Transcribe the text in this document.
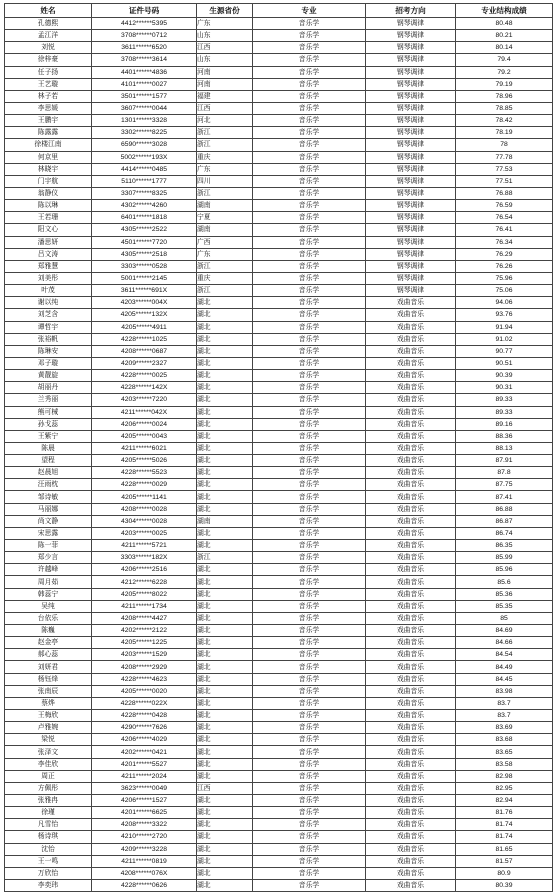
姓名	证件号码	生源省份	专业	招考方向	专业结构成绩
孔德熙	4412******5395	广东	音乐学	钢琴调律	80.48
孟江洋	3708******0712	山东	音乐学	钢琴调律	80.21
刘悦	3611******6520	江西	音乐学	钢琴调律	80.14
徐梓豪	3708******3614	山东	音乐学	钢琴调律	79.4
任子扬	4401******4836	河南	音乐学	钢琴调律	79.2
王艺璇	4101******0027	河南	音乐学	钢琴调律	79.19
林子若	3501******1577	福建	音乐学	钢琴调律	78.96
李思媛	3607******0044	江西	音乐学	钢琴调律	78.85
王鹏宇	1301******3328	河北	音乐学	钢琴调律	78.42
陈露露	3302******8225	浙江	音乐学	钢琴调律	78.19
徐楼江南	6590******3028	浙江	音乐学	钢琴调律	78
何京里	5002******193X	重庆	音乐学	钢琴调律	77.78
林晓宇	4414******0485	广东	音乐学	钢琴调律	77.53
门宇航	5110******1777	四川	音乐学	钢琴调律	77.51
翁静仪	3307******8325	浙江	音乐学	钢琴调律	76.88
陈以琳	4302******4260	湖南	音乐学	钢琴调律	76.59
王若珊	6401******1818	宁夏	音乐学	钢琴调律	76.54
阳文心	4305******2522	湖南	音乐学	钢琴调律	76.41
潘思妍	4501******7720	广西	音乐学	钢琴调律	76.34
吕文涛	4305******2518	广东	音乐学	钢琴调律	76.29
郑雅慧	3303******0528	浙江	音乐学	钢琴调律	76.26
刘美彤	5001******2145	重庆	音乐学	钢琴调律	75.96
叶茂	3611******691X	浙江	音乐学	钢琴调律	75.06
谢以纯	4203******004X	湖北	音乐学	戏曲音乐	94.06
刘芝含	4205******132X	湖北	音乐学	戏曲音乐	93.76
谭哲宇	4205******4911	湖北	音乐学	戏曲音乐	91.94
张裕帆	4228******1025	湖北	音乐学	戏曲音乐	91.02
陈琳安	4208******0687	湖北	音乐学	戏曲音乐	90.77
邓子璇	4209******2327	湖北	音乐学	戏曲音乐	90.51
黄靓旋	4228******0025	湖北	音乐学	戏曲音乐	90.39
胡丽丹	4228******142X	湖北	音乐学	戏曲音乐	90.31
兰秀丽	4203******7220	湖北	音乐学	戏曲音乐	89.33
熊可械	4211******042X	湖北	音乐学	戏曲音乐	89.33
孙戈蕊	4206******0024	湖北	音乐学	戏曲音乐	89.16
王紫宁	4205******0043	湖北	音乐学	戏曲音乐	88.36
陈晨	4211******6021	湖北	音乐学	戏曲音乐	88.13
望程	4205******5026	湖北	音乐学	戏曲音乐	87.91
赵晨旭	4228******5523	湖北	音乐学	戏曲音乐	87.8
汪雨枕	4228******0029	湖北	音乐学	戏曲音乐	87.75
邹诗敏	4205******1141	湖北	音乐学	戏曲音乐	87.41
马丽娜	4208******0028	湖北	音乐学	戏曲音乐	86.88
尚文静	4304******0028	湖南	音乐学	戏曲音乐	86.87
宋思露	4203******0025	湖北	音乐学	戏曲音乐	86.74
陈一菲	4211******5721	湖北	音乐学	戏曲音乐	86.35
郑少言	3303******182X	浙江	音乐学	戏曲音乐	85.99
许越峰	4206******2516	湖北	音乐学	戏曲音乐	85.96
周月茹	4212******6228	湖北	音乐学	戏曲音乐	85.6
韩蕊宁	4205******8022	湖北	音乐学	戏曲音乐	85.36
吴纯	4211******1734	湖北	音乐学	戏曲音乐	85.35
台依乐	4208******4427	湖北	音乐学	戏曲音乐	85
陈巍	4202******2122	湖北	音乐学	戏曲音乐	84.69
赵金亭	4205******1225	湖北	音乐学	戏曲音乐	84.66
郝心蕊	4203******1529	湖北	音乐学	戏曲音乐	84.54
刘妍君	4208******2929	湖北	音乐学	戏曲音乐	84.49
杨钰烽	4228******4623	湖北	音乐学	戏曲音乐	84.45
张南辰	4205******0020	湖北	音乐学	戏曲音乐	83.98
蔡烨	4228******022X	湖北	音乐学	戏曲音乐	83.7
王梅欣	4228******0428	湖北	音乐学	戏曲音乐	83.7
卢雅婉	4290******7626	湖北	音乐学	戏曲音乐	83.69
梁悦	4206******4029	湖北	音乐学	戏曲音乐	83.68
张泽文	4202******0421	湖北	音乐学	戏曲音乐	83.65
李佳欣	4201******5527	湖北	音乐学	戏曲音乐	83.58
周正	4211******2024	湖北	音乐学	戏曲音乐	82.98
方佩彤	3623******0049	江西	音乐学	戏曲音乐	82.95
张雅冉	4206******1527	湖北	音乐学	戏曲音乐	82.94
徐瑾	4201******6625	湖北	音乐学	戏曲音乐	81.76
凡雪怡	4208******3322	湖北	音乐学	戏曲音乐	81.74
杨诗琪	4210******2720	湖北	音乐学	戏曲音乐	81.74
沈怡	4209******3228	湖北	音乐学	戏曲音乐	81.65
王一鸣	4211******0819	湖北	音乐学	戏曲音乐	81.57
万欣怡	4208******076X	湖北	音乐学	戏曲音乐	80.9
李奕玮	4228******0626	湖北	音乐学	戏曲音乐	80.39
